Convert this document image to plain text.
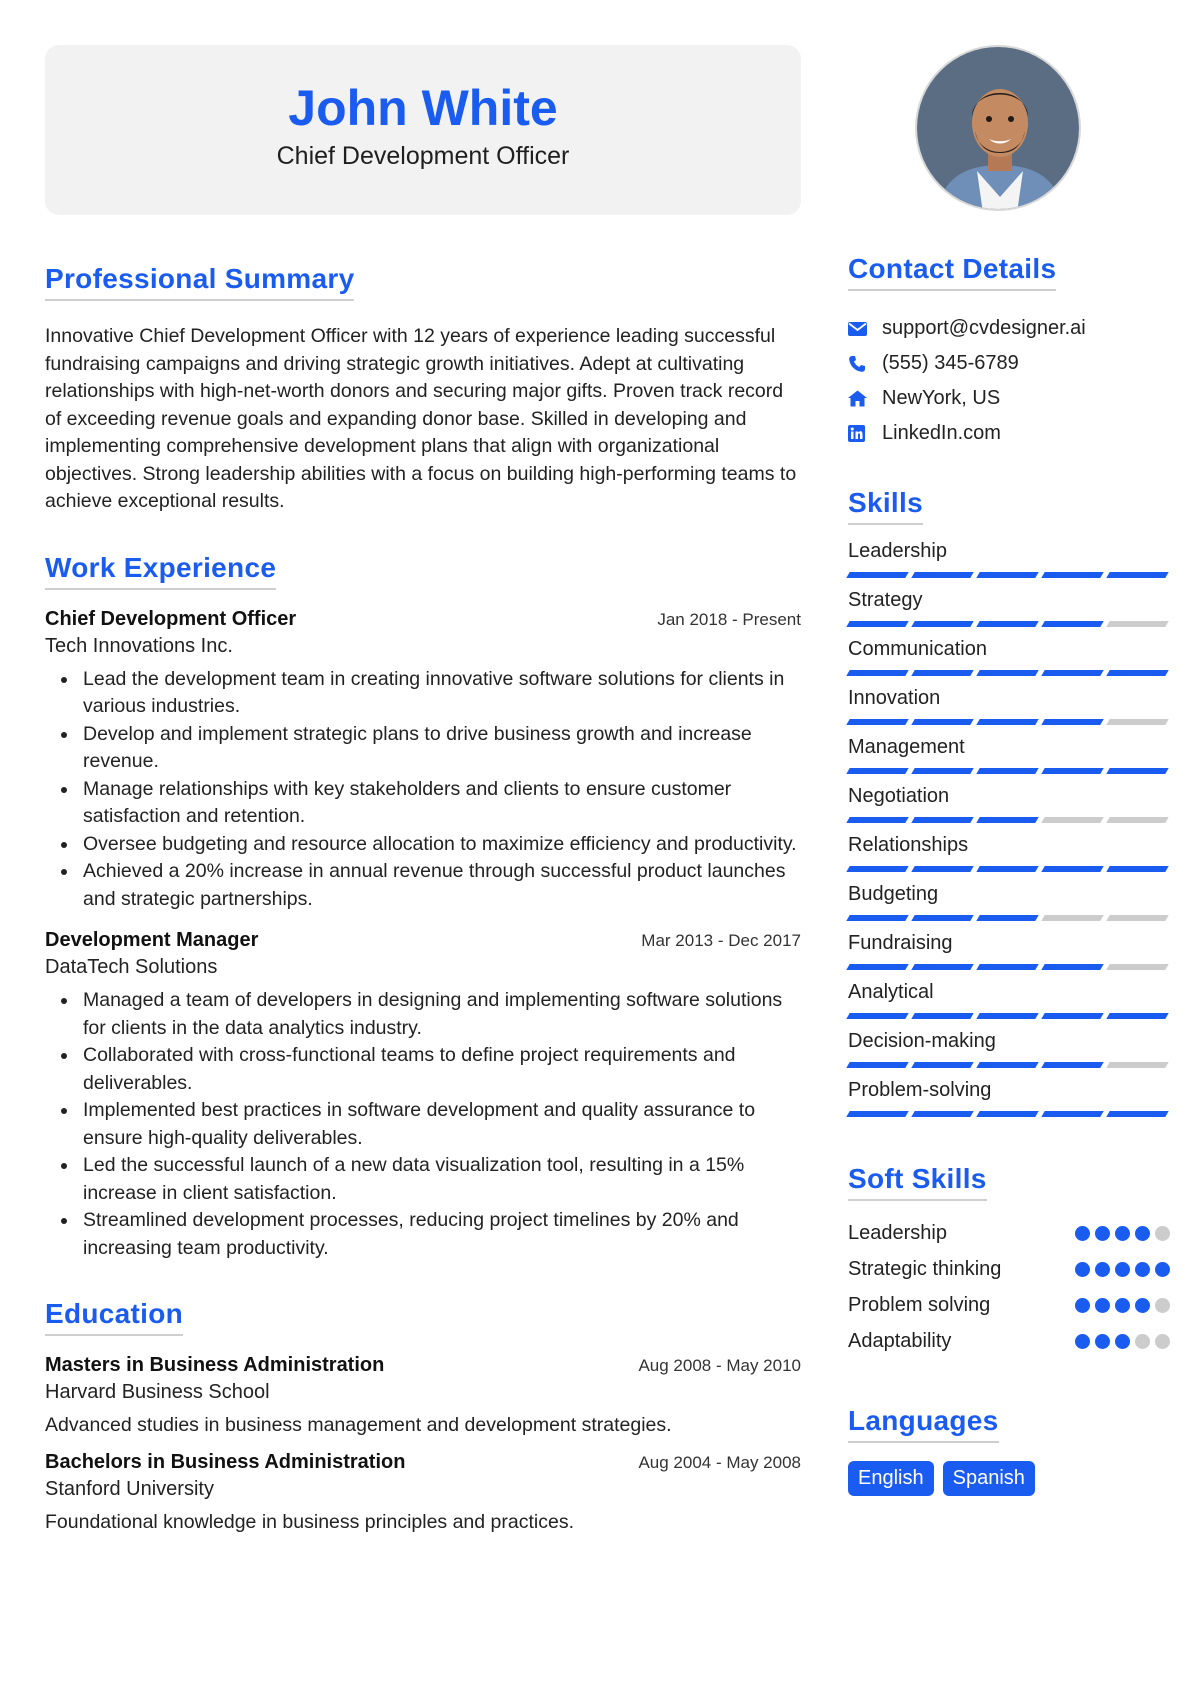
John White
Chief Development Officer
Professional Summary

Innovative Chief Development Officer with 12 years of experience leading successful fundraising campaigns and driving strategic growth initiatives. Adept at cultivating relationships with high-net-worth donors and securing major gifts. Proven track record of exceeding revenue goals and expanding donor base. Skilled in developing and implementing comprehensive development plans that align with organizational objectives. Strong leadership abilities with a focus on building high-performing teams to achieve exceptional results.

Work Experience
Chief Development Officer	Jan 2018 - Present
Tech Innovations Inc.
Lead the development team in creating innovative software solutions for clients in various industries.
Develop and implement strategic plans to drive business growth and increase revenue.
Manage relationships with key stakeholders and clients to ensure customer satisfaction and retention.
Oversee budgeting and resource allocation to maximize efficiency and productivity.
Achieved a 20% increase in annual revenue through successful product launches and strategic partnerships.
Development Manager	Mar 2013 - Dec 2017
DataTech Solutions
Managed a team of developers in designing and implementing software solutions for clients in the data analytics industry.
Collaborated with cross-functional teams to define project requirements and deliverables.
Implemented best practices in software development and quality assurance to ensure high-quality deliverables.
Led the successful launch of a new data visualization tool, resulting in a 15% increase in client satisfaction.
Streamlined development processes, reducing project timelines by 20% and increasing team productivity.
Education
Masters in Business Administration	Aug 2008 - May 2010
Harvard Business School
Advanced studies in business management and development strategies.
Bachelors in Business Administration	Aug 2004 - May 2008
Stanford University
Foundational knowledge in business principles and practices.
Contact Details
support@cvdesigner.ai
(555) 345-6789
NewYork, US
LinkedIn.com
Skills
Leadership
Strategy
Communication
Innovation
Management
Negotiation
Relationships
Budgeting
Fundraising
Analytical
Decision-making
Problem-solving
Soft Skills
Leadership
Strategic thinking
Problem solving
Adaptability
Languages
English	Spanish
